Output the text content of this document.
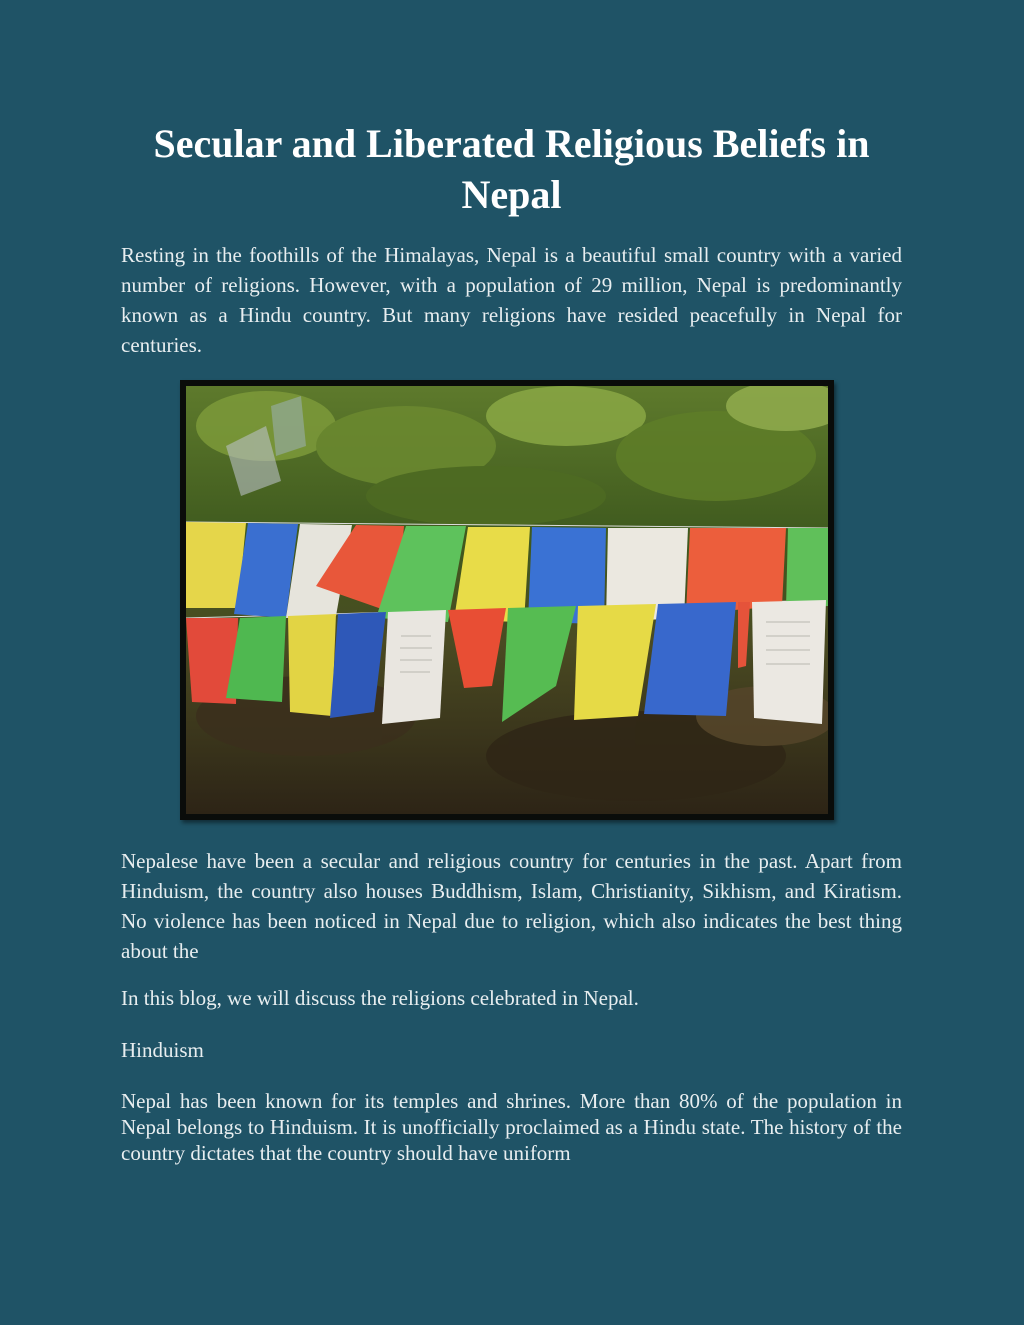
Secular and Liberated Religious Beliefs in Nepal

Resting in the foothills of the Himalayas, Nepal is a beautiful small country with a varied number of religions. However, with a population of 29 million, Nepal is predominantly known as a Hindu country. But many religions have resided peacefully in Nepal for centuries.

Nepalese have been a secular and religious country for centuries in the past. Apart from Hinduism, the country also houses Buddhism, Islam, Christianity, Sikhism, and Kiratism. No violence has been noticed in Nepal due to religion, which also indicates the best thing about the

In this blog, we will discuss the religions celebrated in Nepal.

Hinduism

Nepal has been known for its temples and shrines. More than 80% of the population in Nepal belongs to Hinduism. It is unofficially proclaimed as a Hindu state. The history of the country dictates that the country should have uniform
